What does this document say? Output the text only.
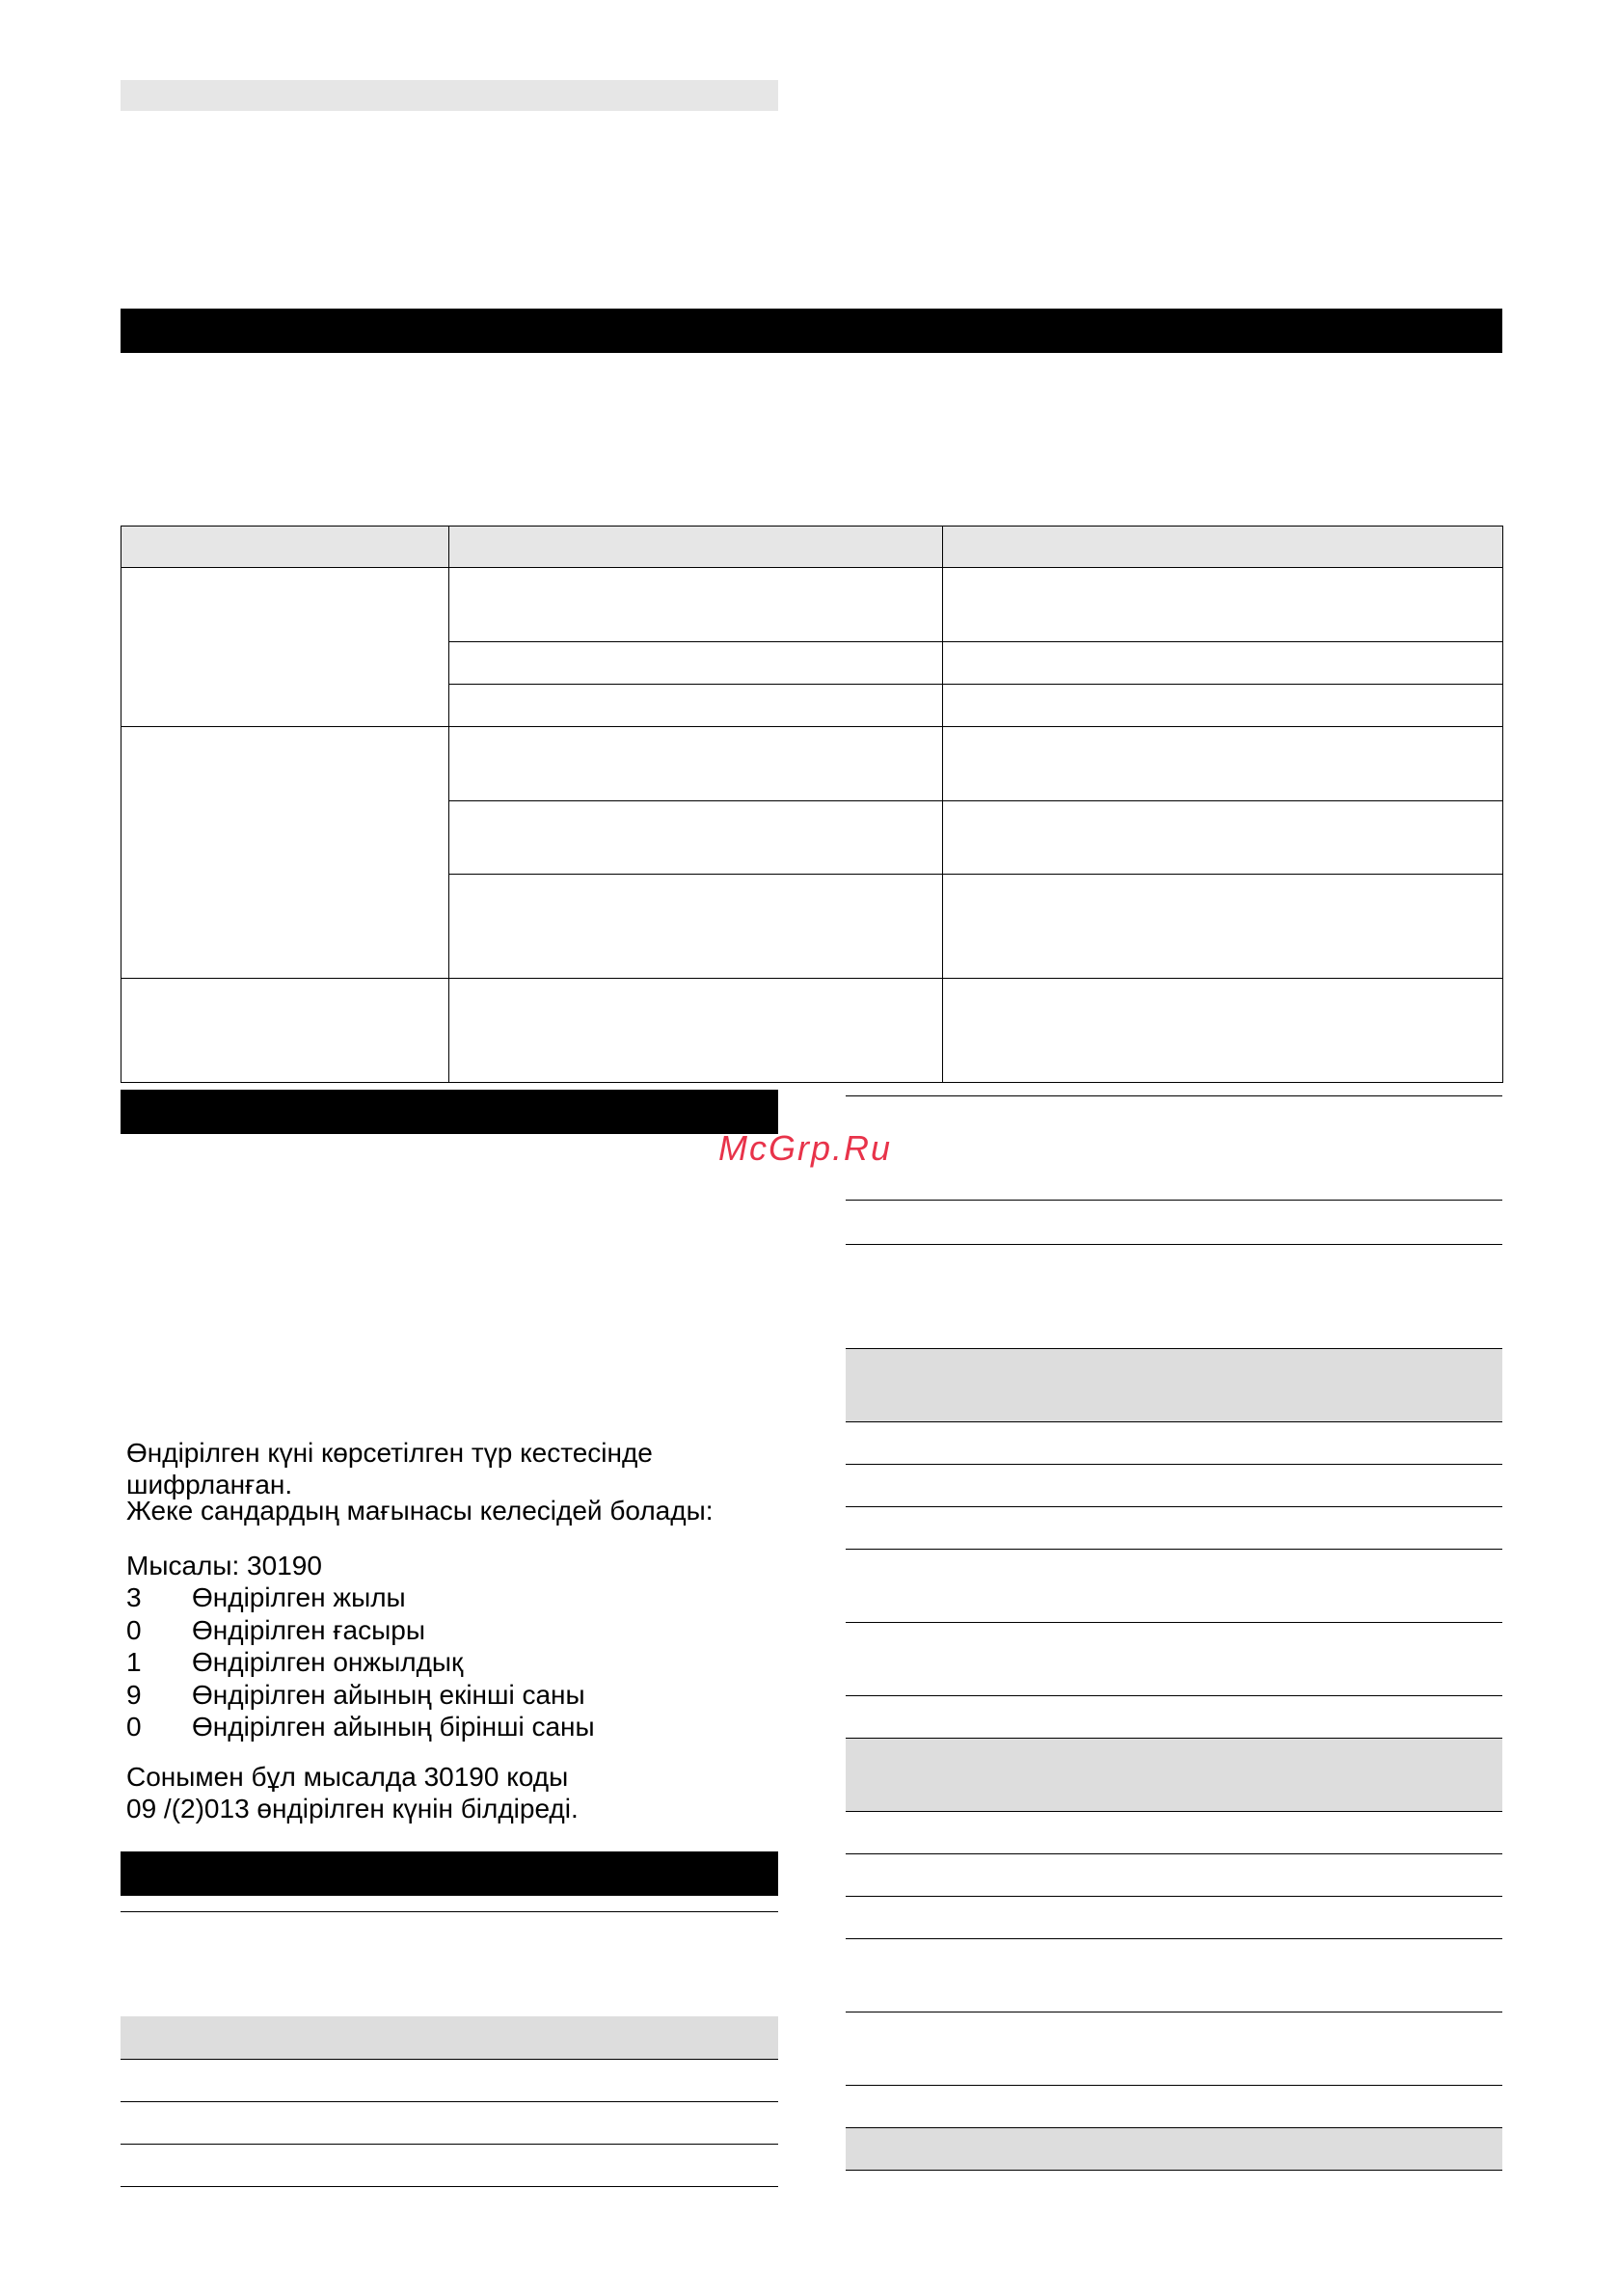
McGrp.Ru
Өндірілген күні көрсетілген түр кестесінде шифрланған.
Жеке сандардың мағынасы келесідей болады:
Мысалы: 30190
3	Өндірілген жылы
0	Өндірілген ғасыры
1	Өндірілген онжылдық
9	Өндірілген айының екінші саны
0	Өндірілген айының бірінші саны
Сонымен бұл мысалда 30190 коды
09 /(2)013 өндірілген күнін білдіреді.
